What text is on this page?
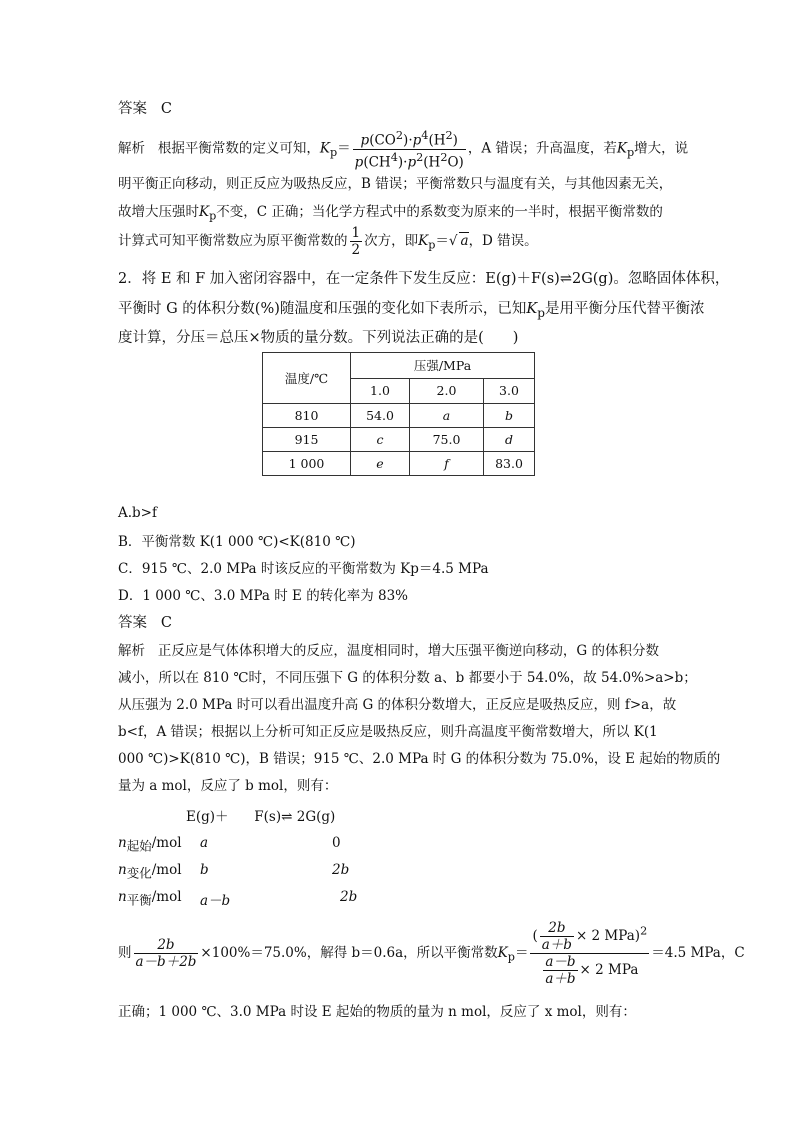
答案 C
解析 根据平衡常数的定义可知，$K_p= \frac{p(CO^2)\cdot p^4(H^2)}{p(CH^4)\cdot p^2(H^2O)}$ ，A 错误；升高温度，若$K_p$增大，说
明平衡正向移动，则正反应为吸热反应，B 错误；平衡常数只与温度有关，与其他因素无关，
故增大压强时$K_p$不变，C 正确；当化学方程式中的系数变为原来的一半时，根据平衡常数的
计算式可知平衡常数应为原平衡常数的 $\frac{1}{2}$ 次方，即$K_p=√$ a，D 错误。
2．将 E 和 F 加入密闭容器中，在一定条件下发生反应：E(g)＋F(s)⇌2G(g)。忽略固体体积，
平衡时 G 的体积分数(%)随温度和压强的变化如下表所示，已知$K_p$是用平衡分压代替平衡浓
度计算，分压＝总压×物质的量分数。下列说法正确的是(　　)
温度/℃	压强/MPa		
	1.0	2.0	3.0
810	54.0	a	b
915	c	75.0	d
1 000	e	f	83.0
A.b>f
B．平衡常数 K(1 000 ℃)<K(810 ℃)
C．915 ℃、2.0 MPa 时该反应的平衡常数为 Kp＝4.5 MPa
D．1 000 ℃、3.0 MPa 时 E 的转化率为 83%
答案 C
解析 正反应是气体体积增大的反应，温度相同时，增大压强平衡逆向移动，G 的体积分数
减小，所以在 810 ℃时，不同压强下 G 的体积分数 a、b 都要小于 54.0%，故 54.0%>a>b；
从压强为 2.0 MPa 时可以看出温度升高 G 的体积分数增大，正反应是吸热反应，则 f>a，故
b<f，A 错误；根据以上分析可知正反应是吸热反应，则升高温度平衡常数增大，所以 K(1
000 ℃)>K(810 ℃)，B 错误；915 ℃、2.0 MPa 时 G 的体积分数为 75.0%，设 E 起始的物质的
量为 a mol，反应了 b mol，则有：
E(g)＋ F(s)⇌ 2G(g)
$n_{起始}$/mol a	0
$n_{变化}$/mol b	2b
$n_{平衡}$/mol a－b	2b
则 $\frac{2b}{a-b+2b} \times 100\%=75.0\%$，解得 b＝0.6a，所以平衡常数$K_p= \frac{( \frac{2b}{a+b} \times 2 MPa)^2}{\frac{a-b}{a+b} \times 2 MPa} =4.5$ MPa，C
正确；1 000 ℃、3.0 MPa 时设 E 起始的物质的量为 n mol，反应了 x mol，则有：
